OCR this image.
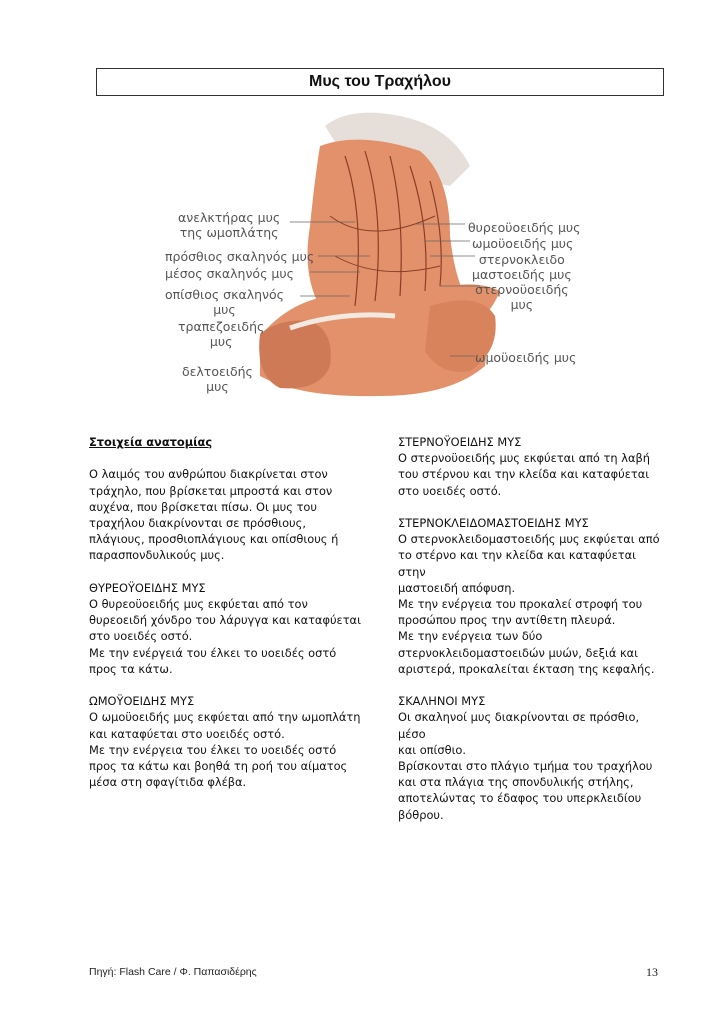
Μυς του Τραχήλου
ανελκτήρας μυς
της ωμοπλάτης
πρόσθιος σκαληνός μυς
μέσος σκαληνός μυς
οπίσθιος σκαληνός
μυς
τραπεζοειδής
μυς
δελτοειδής
μυς
θυρεοϋοειδής μυς
ωμοϋοειδής μυς
στερνοκλειδο
μαστοειδής μυς
στερνοϋοειδής
μυς
ωμοϋοειδής μυς

Στοιχεία ανατομίας

Ο λαιμός του ανθρώπου διακρίνεται στον

τράχηλο, που βρίσκεται μπροστά και στον

αυχένα, που βρίσκεται πίσω. Οι μυς του

τραχήλου διακρίνονται σε πρόσθιους,

πλάγιους, προσθιοπλάγιους και οπίσθιους ή

παρασπονδυλικούς μυς.

ΘΥΡΕΟΫΟΕΙΔΗΣ ΜΥΣ

Ο θυρεοϋοειδής μυς εκφύεται από τον

θυρεοειδή χόνδρο του λάρυγγα και καταφύεται

στο υοειδές οστό.

Με την ενέργειά του έλκει το υοειδές οστό

προς τα κάτω.

ΩΜΟΫΟΕΙΔΗΣ ΜΥΣ

Ο ωμοϋοειδής μυς εκφύεται από την ωμοπλάτη

και καταφύεται στο υοειδές οστό.

Με την ενέργεια του έλκει το υοειδές οστό

προς τα κάτω και βοηθά τη ροή του αίματος

μέσα στη σφαγίτιδα φλέβα.

ΣΤΕΡΝΟΫΟΕΙΔΗΣ ΜΥΣ

Ο στερνοϋοειδής μυς εκφύεται από τη λαβή

του στέρνου και την κλείδα και καταφύεται

στο υοειδές οστό.

ΣΤΕΡΝΟΚΛΕΙΔΟΜΑΣΤΟΕΙΔΗΣ ΜΥΣ

Ο στερνοκλειδομαστοειδής μυς εκφύεται από

το στέρνο και την κλείδα και καταφύεται στην

μαστοειδή απόφυση.

Με την ενέργεια του προκαλεί στροφή του

προσώπου προς την αντίθετη πλευρά.

Με την ενέργεια των δύο

στερνοκλειδομαστοειδών μυών, δεξιά και

αριστερά, προκαλείται έκταση της κεφαλής.

ΣΚΑΛΗΝΟΙ ΜΥΣ

Οι σκαληνοί μυς διακρίνονται σε πρόσθιο, μέσο

και οπίσθιο.

Βρίσκονται στο πλάγιο τμήμα του τραχήλου

και στα πλάγια της σπονδυλικής στήλης,

αποτελώντας το έδαφος του υπερκλειδίου

βόθρου.

Πηγή: Flash Care / Φ. Παπασιδέρης	13
